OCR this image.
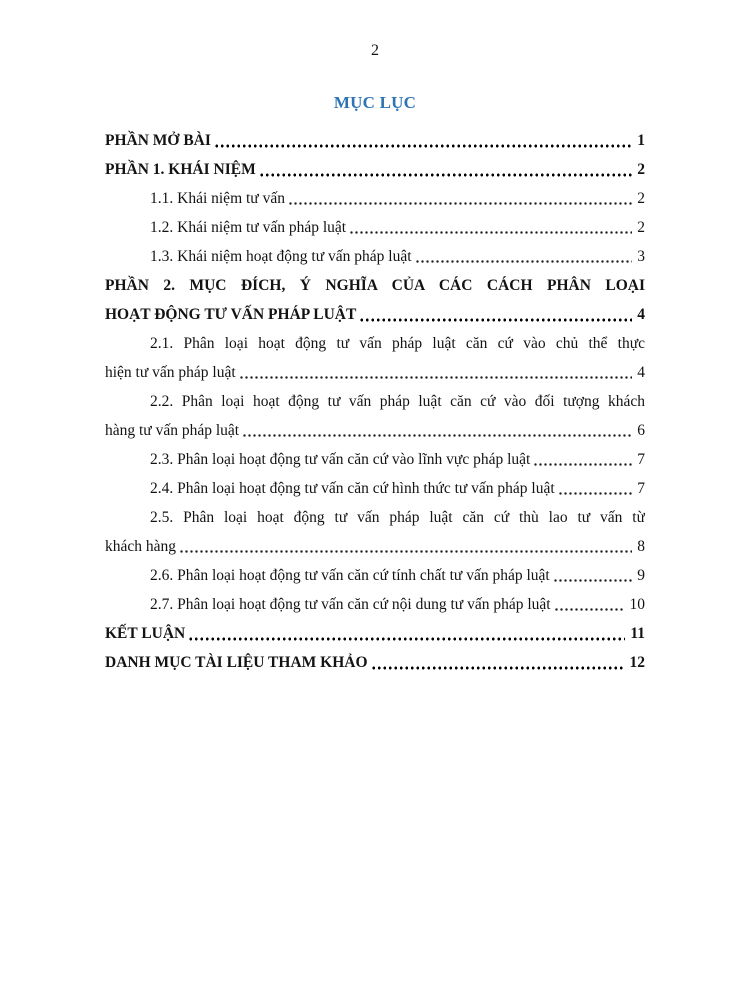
2
MỤC LỤC
PHẦN MỞ BÀI	1
PHẦN 1. KHÁI NIỆM	2
1.1. Khái niệm tư vấn	2
1.2. Khái niệm tư vấn pháp luật	2
1.3. Khái niệm hoạt động tư vấn pháp luật	3
PHẦN 2. MỤC ĐÍCH, Ý NGHĨA CỦA CÁC CÁCH PHÂN LOẠI
HOẠT ĐỘNG TƯ VẤN PHÁP LUẬT	4
2.1. Phân loại hoạt động tư vấn pháp luật căn cứ vào chủ thể thực
hiện tư vấn pháp luật	4
2.2. Phân loại hoạt động tư vấn pháp luật căn cứ vào đối tượng khách
hàng tư vấn pháp luật	6
2.3. Phân loại hoạt động tư vấn căn cứ vào lĩnh vực pháp luật	7
2.4. Phân loại hoạt động tư vấn căn cứ hình thức tư vấn pháp luật	7
2.5. Phân loại hoạt động tư vấn pháp luật căn cứ thù lao tư vấn từ
khách hàng	8
2.6. Phân loại hoạt động tư vấn căn cứ tính chất tư vấn pháp luật	9
2.7. Phân loại hoạt động tư vấn căn cứ nội dung tư vấn pháp luật	10
KẾT LUẬN	11
DANH MỤC TÀI LIỆU THAM KHẢO	12
